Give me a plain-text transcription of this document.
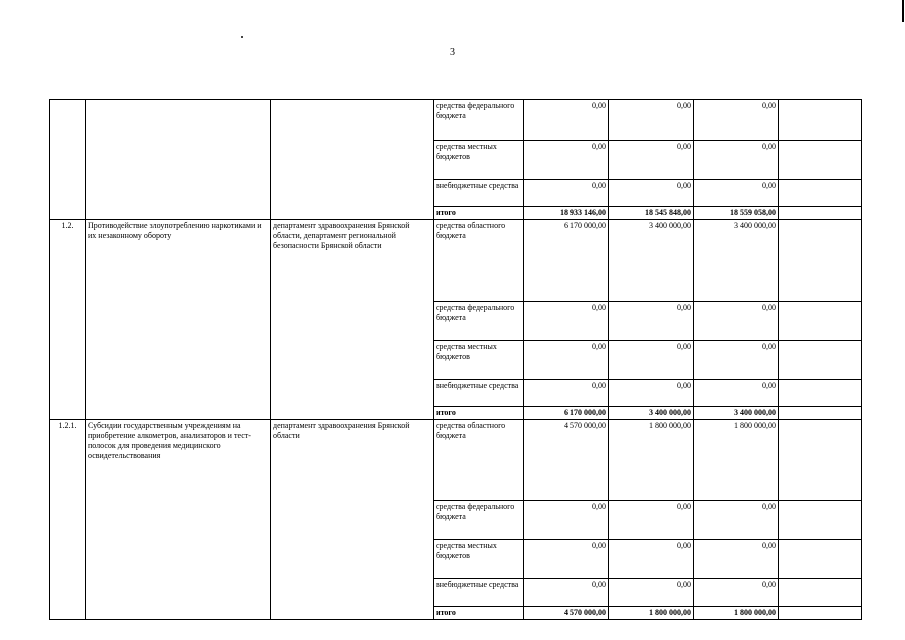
3
			средства федерального бюджета	0,00	0,00	0,00	
			средства местных бюджетов	0,00	0,00	0,00	
			внебюджетные средства	0,00	0,00	0,00	
			итого	18 933 146,00	18 545 848,00	18 559 058,00	
1.2.	Противодействие злоупотреблению наркотиками и их незаконному обороту	департамент здравоохранения Брянской области, департамент региональной безопасности Брянской области	средства областного бюджета	6 170 000,00	3 400 000,00	3 400 000,00	
			средства федерального бюджета	0,00	0,00	0,00	
			средства местных бюджетов	0,00	0,00	0,00	
			внебюджетные средства	0,00	0,00	0,00	
			итого	6 170 000,00	3 400 000,00	3 400 000,00	
1.2.1.	Субсидии государственным учреждениям на приобретение алкометров, анализаторов и тест-полосок для проведения медицинского освидетельствования	департамент здравоохранения Брянской области	средства областного бюджета	4 570 000,00	1 800 000,00	1 800 000,00	
			средства федерального бюджета	0,00	0,00	0,00	
			средства местных бюджетов	0,00	0,00	0,00	
			внебюджетные средства	0,00	0,00	0,00	
			итого	4 570 000,00	1 800 000,00	1 800 000,00	
